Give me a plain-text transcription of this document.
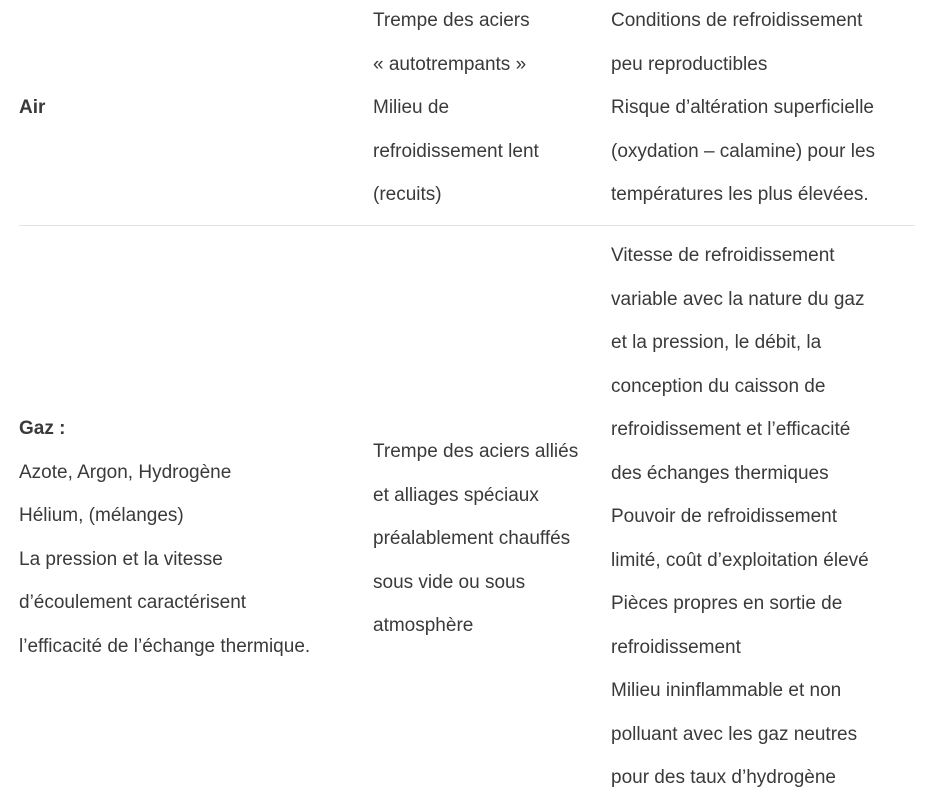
Air
Trempe des aciers
« autotrempants »
Milieu de
refroidissement lent
(recuits)
Conditions de refroidissement
peu reproductibles
Risque d’altération superficielle
(oxydation – calamine) pour les
températures les plus élevées.
Gaz :
Azote, Argon, Hydrogène
Hélium, (mélanges)
La pression et la vitesse
d’écoulement caractérisent
l’efficacité de l’échange thermique.
Trempe des aciers alliés
et alliages spéciaux
préalablement chauffés
sous vide ou sous
atmosphère
Vitesse de refroidissement
variable avec la nature du gaz
et la pression, le débit, la
conception du caisson de
refroidissement et l’efficacité
des échanges thermiques
Pouvoir de refroidissement
limité, coût d’exploitation élevé
Pièces propres en sortie de
refroidissement
Milieu ininflammable et non
polluant avec les gaz neutres
pour des taux d’hydrogène
